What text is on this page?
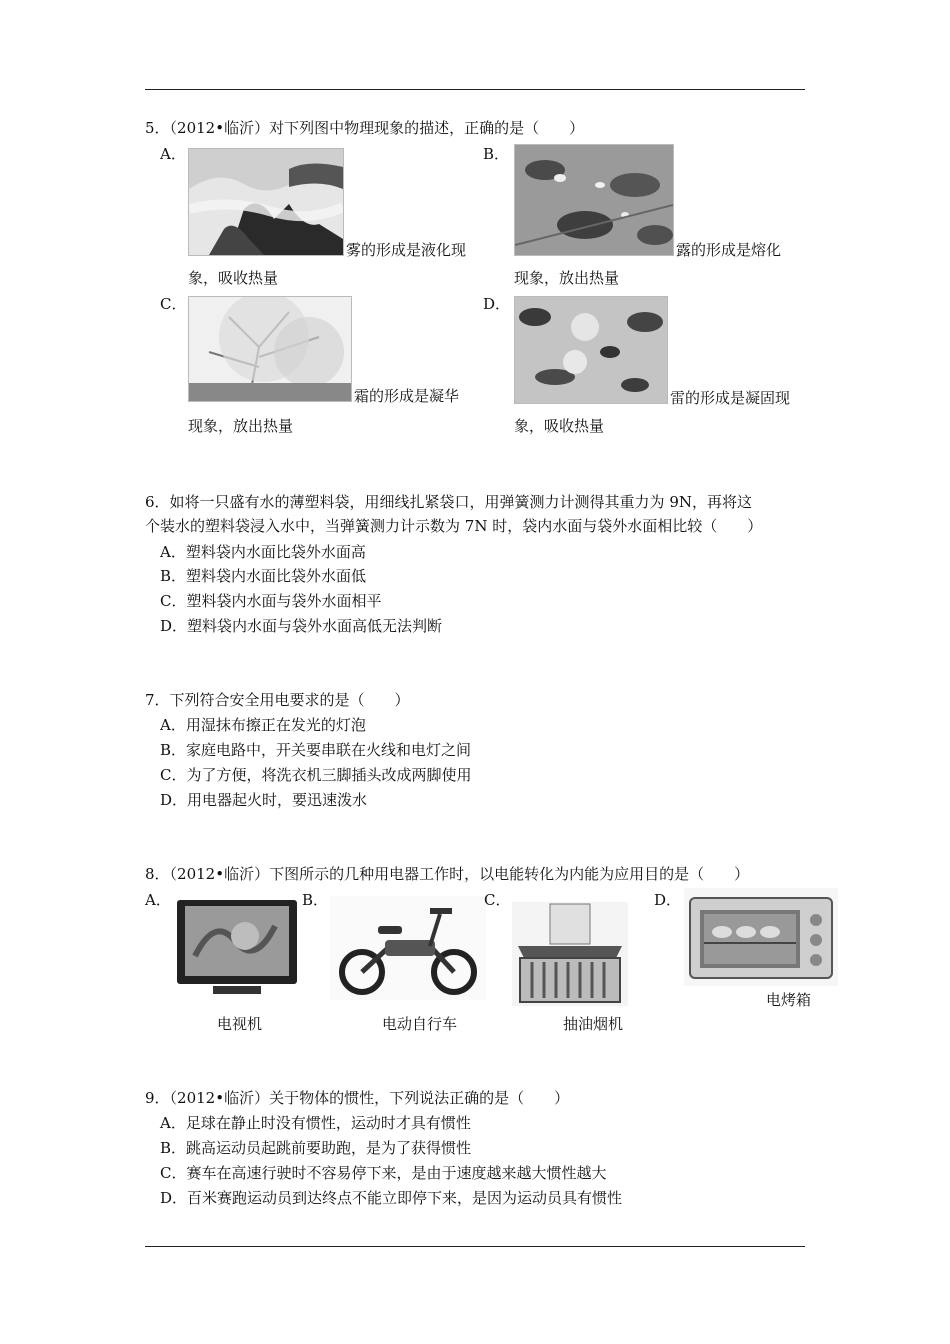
5．（2012•临沂）对下列图中物理现象的描述，正确的是（　　）
A．
雾的形成是液化现
象，吸收热量
B．
露的形成是熔化
现象，放出热量
C．
霜的形成是凝华
现象，放出热量
D．
雷的形成是凝固现
象，吸收热量
6．如将一只盛有水的薄塑料袋，用细线扎紧袋口，用弹簧测力计测得其重力为 9N，再将这
个装水的塑料袋浸入水中，当弹簧测力计示数为 7N 时，袋内水面与袋外水面相比较（　　）
A．塑料袋内水面比袋外水面高
B．塑料袋内水面比袋外水面低
C．塑料袋内水面与袋外水面相平
D．塑料袋内水面与袋外水面高低无法判断
7．下列符合安全用电要求的是（　　）
A．用湿抹布擦正在发光的灯泡
B．家庭电路中，开关要串联在火线和电灯之间
C．为了方便，将洗衣机三脚插头改成两脚使用
D．用电器起火时，要迅速泼水
8．（2012•临沂）下图所示的几种用电器工作时，以电能转化为内能为应用目的是（　　）
A．
电视机
B．
电动自行车
C．
抽油烟机
D．
电烤箱
9．（2012•临沂）关于物体的惯性，下列说法正确的是（　　）
A．足球在静止时没有惯性，运动时才具有惯性
B．跳高运动员起跳前要助跑，是为了获得惯性
C．赛车在高速行驶时不容易停下来，是由于速度越来越大惯性越大
D．百米赛跑运动员到达终点不能立即停下来，是因为运动员具有惯性
